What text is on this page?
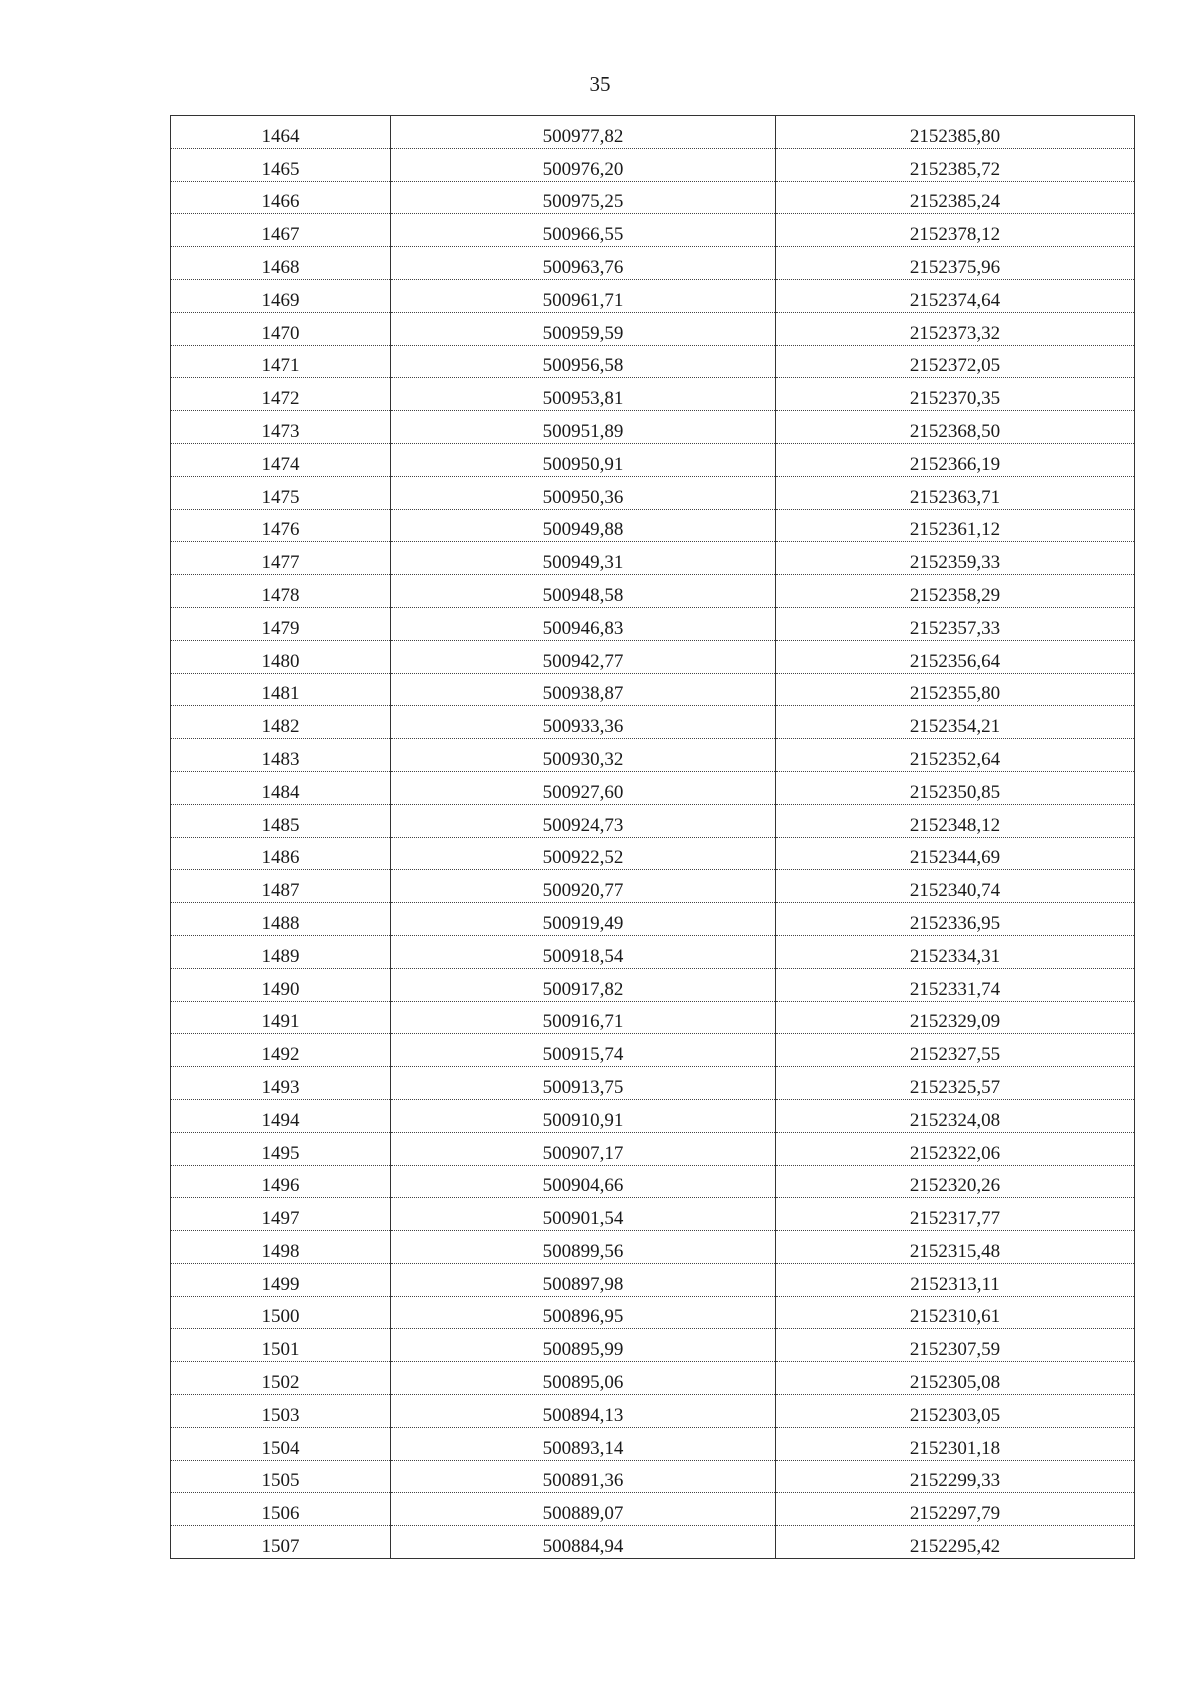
35
1464	500977,82	2152385,80
1465	500976,20	2152385,72
1466	500975,25	2152385,24
1467	500966,55	2152378,12
1468	500963,76	2152375,96
1469	500961,71	2152374,64
1470	500959,59	2152373,32
1471	500956,58	2152372,05
1472	500953,81	2152370,35
1473	500951,89	2152368,50
1474	500950,91	2152366,19
1475	500950,36	2152363,71
1476	500949,88	2152361,12
1477	500949,31	2152359,33
1478	500948,58	2152358,29
1479	500946,83	2152357,33
1480	500942,77	2152356,64
1481	500938,87	2152355,80
1482	500933,36	2152354,21
1483	500930,32	2152352,64
1484	500927,60	2152350,85
1485	500924,73	2152348,12
1486	500922,52	2152344,69
1487	500920,77	2152340,74
1488	500919,49	2152336,95
1489	500918,54	2152334,31
1490	500917,82	2152331,74
1491	500916,71	2152329,09
1492	500915,74	2152327,55
1493	500913,75	2152325,57
1494	500910,91	2152324,08
1495	500907,17	2152322,06
1496	500904,66	2152320,26
1497	500901,54	2152317,77
1498	500899,56	2152315,48
1499	500897,98	2152313,11
1500	500896,95	2152310,61
1501	500895,99	2152307,59
1502	500895,06	2152305,08
1503	500894,13	2152303,05
1504	500893,14	2152301,18
1505	500891,36	2152299,33
1506	500889,07	2152297,79
1507	500884,94	2152295,42
